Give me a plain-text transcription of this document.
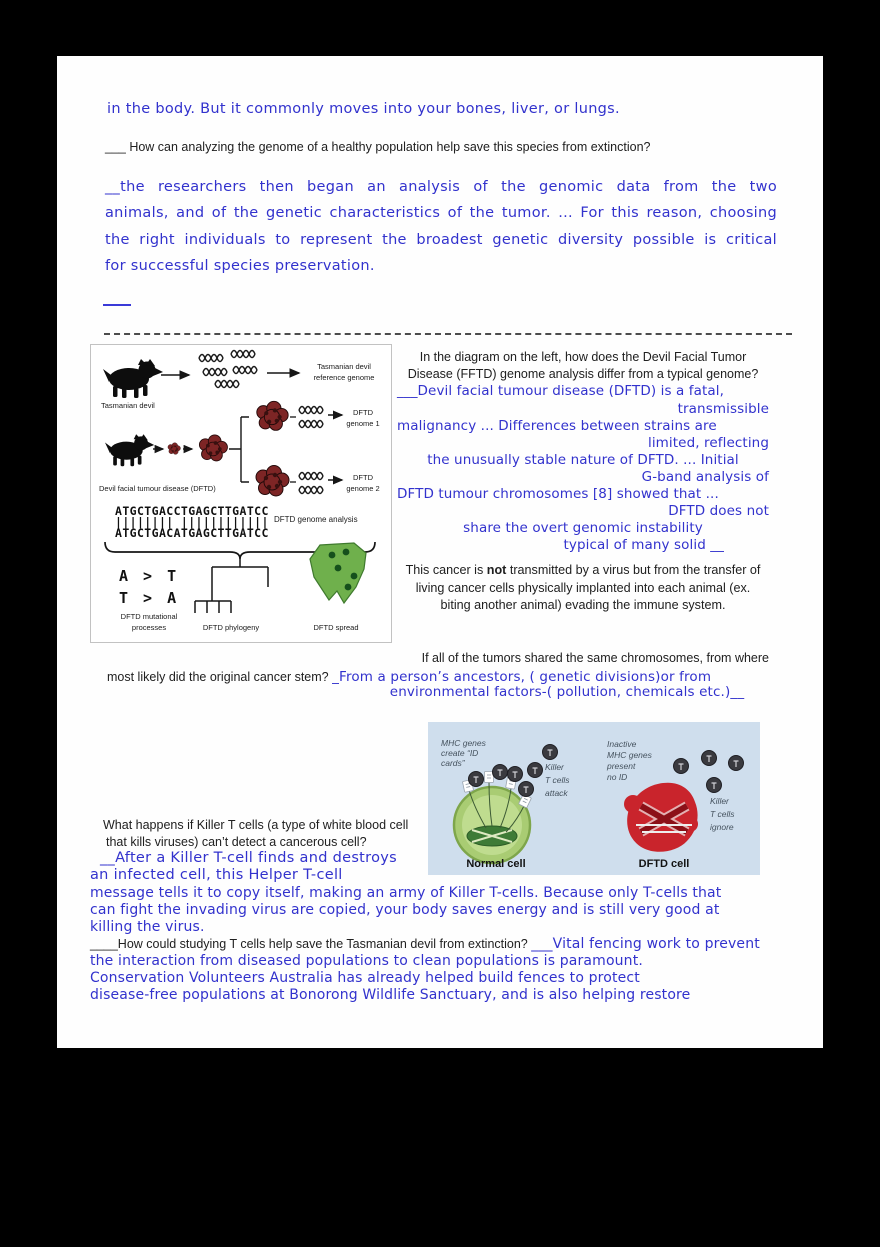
in the body. But it commonly moves into your bones, liver, or lungs.
___ How can analyzing the genome of a healthy population help save this species from extinction?
__the researchers then began an analysis of the genomic data from the two
animals, and of the genetic characteristics of the tumor. ... For this reason, choosing
the right individuals to represent the broadest genetic diversity possible is critical
for successful species preservation.
Tasmanian devil
Tasmanian devil
reference genome
Devil facial tumour disease (DFTD)
DFTD
genome 1
DFTD
genome 2
ATGCTGACCTGAGCTTGATCC
|||||||| ||||||||||||
ATGCTGACATGAGCTTGATCC
DFTD genome analysis
A > T
T > A
DFTD mutational
processes	DFTD phylogeny	DFTD spread
In the diagram on the left, how does the Devil Facial Tumor
Disease (FFTD) genome analysis differ from a typical genome?
___Devil facial tumour disease (DFTD) is a fatal,
transmissible
malignancy ... Differences between strains are
limited, reflecting
the unusually stable nature of DFTD. ... Initial
G-band analysis of
DFTD tumour chromosomes [8] showed that ...
DFTD does not
share the overt genomic instability
typical of many solid __
This cancer is not transmitted by a virus but from the transfer of
living cancer cells physically implanted into each animal (ex.
biting another animal) evading the immune system.
If all of the tumors shared the same chromosomes, from where
most likely did the original cancer stem? _From a person’s ancestors, ( genetic divisions)or from
environmental factors-( pollution, chemicals etc.)__
MHC genes
create “ID
cards”	Killer
T cells
attack
Inactive
MHC genes
present
no ID
Killer
T cells
ignore
Normal cell	DFTD cell
What happens if Killer T cells (a type of white blood cell
that kills viruses) can’t detect a cancerous cell?
__After a Killer T-cell finds and destroys
an infected cell, this Helper T-cell
message tells it to copy itself, making an army of Killer T-cells. Because only T-cells that
can fight the invading virus are copied, your body saves energy and is still very good at
killing the virus.
____How could studying T cells help save the Tasmanian devil from extinction? ___Vital fencing work to prevent
the interaction from diseased populations to clean populations is paramount.
Conservation Volunteers Australia has already helped build fences to protect
disease-free populations at Bonorong Wildlife Sanctuary, and is also helping restore
